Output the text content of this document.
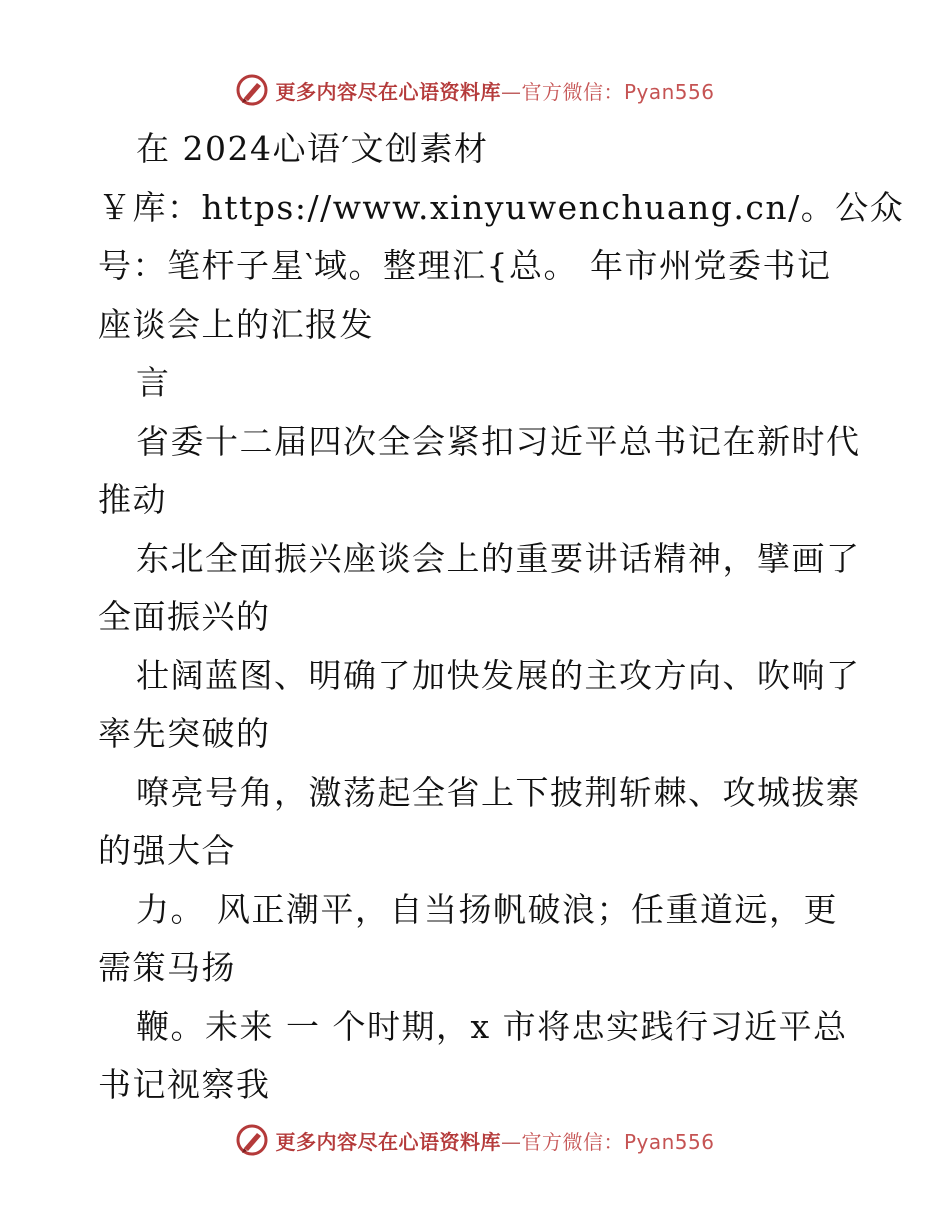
更多内容尽在心语资料库—官方微信：Pyan556
在 2024心语′文创素材
￥库：https://www.xinyuwenchuang.cn/。公众
号：笔杆子星‵域。整理汇{总。 年市州党委书记
座谈会上的汇报发
言
省委十二届四次全会紧扣习近平总书记在新时代
推动
东北全面振兴座谈会上的重要讲话精神，擘画了
全面振兴的
壮阔蓝图、明确了加快发展的主攻方向、吹响了
率先突破的
嘹亮号角，激荡起全省上下披荆斩棘、攻城拔寨
的强大合
力。 风正潮平，自当扬帆破浪；任重道远，更
需策马扬
鞭。未来 一 个时期，x 市将忠实践行习近平总
书记视察我
更多内容尽在心语资料库—官方微信：Pyan556
